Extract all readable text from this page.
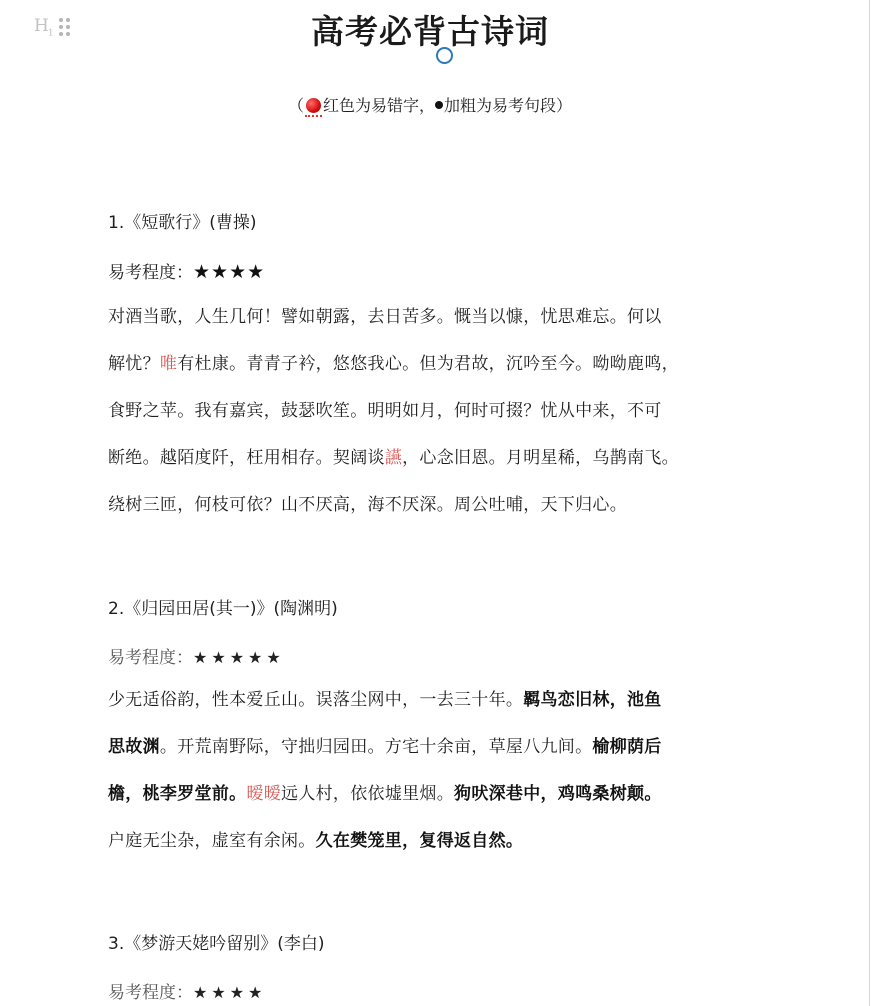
$H_1$	高考必背古诗词
（ 红色为易错字， 加粗为易考句段）
1.《短歌行》(曹操)
易考程度：★★★★
对酒当歌，人生几何！譬如朝露，去日苦多。慨当以慷，忧思难忘。何以
解忧？唯有杜康。青青子衿，悠悠我心。但为君故，沉吟至今。呦呦鹿鸣，
食野之苹。我有嘉宾，鼓瑟吹笙。明明如月，何时可掇？忧从中来，不可
断绝。越陌度阡，枉用相存。契阔谈讌，心念旧恩。月明星稀，乌鹊南飞。
绕树三匝，何枝可依？山不厌高，海不厌深。周公吐哺，天下归心。
2.《归园田居(其一)》(陶渊明)
易考程度：★★★★★
少无适俗韵，性本爱丘山。误落尘网中，一去三十年。羁鸟恋旧林，池鱼
思故渊。开荒南野际，守拙归园田。方宅十余亩，草屋八九间。榆柳荫后
檐，桃李罗堂前。暧暧远人村，依依墟里烟。狗吠深巷中，鸡鸣桑树颠。
户庭无尘杂，虚室有余闲。久在樊笼里，复得返自然。
3.《梦游天姥吟留别》(李白)
易考程度：★★★★
